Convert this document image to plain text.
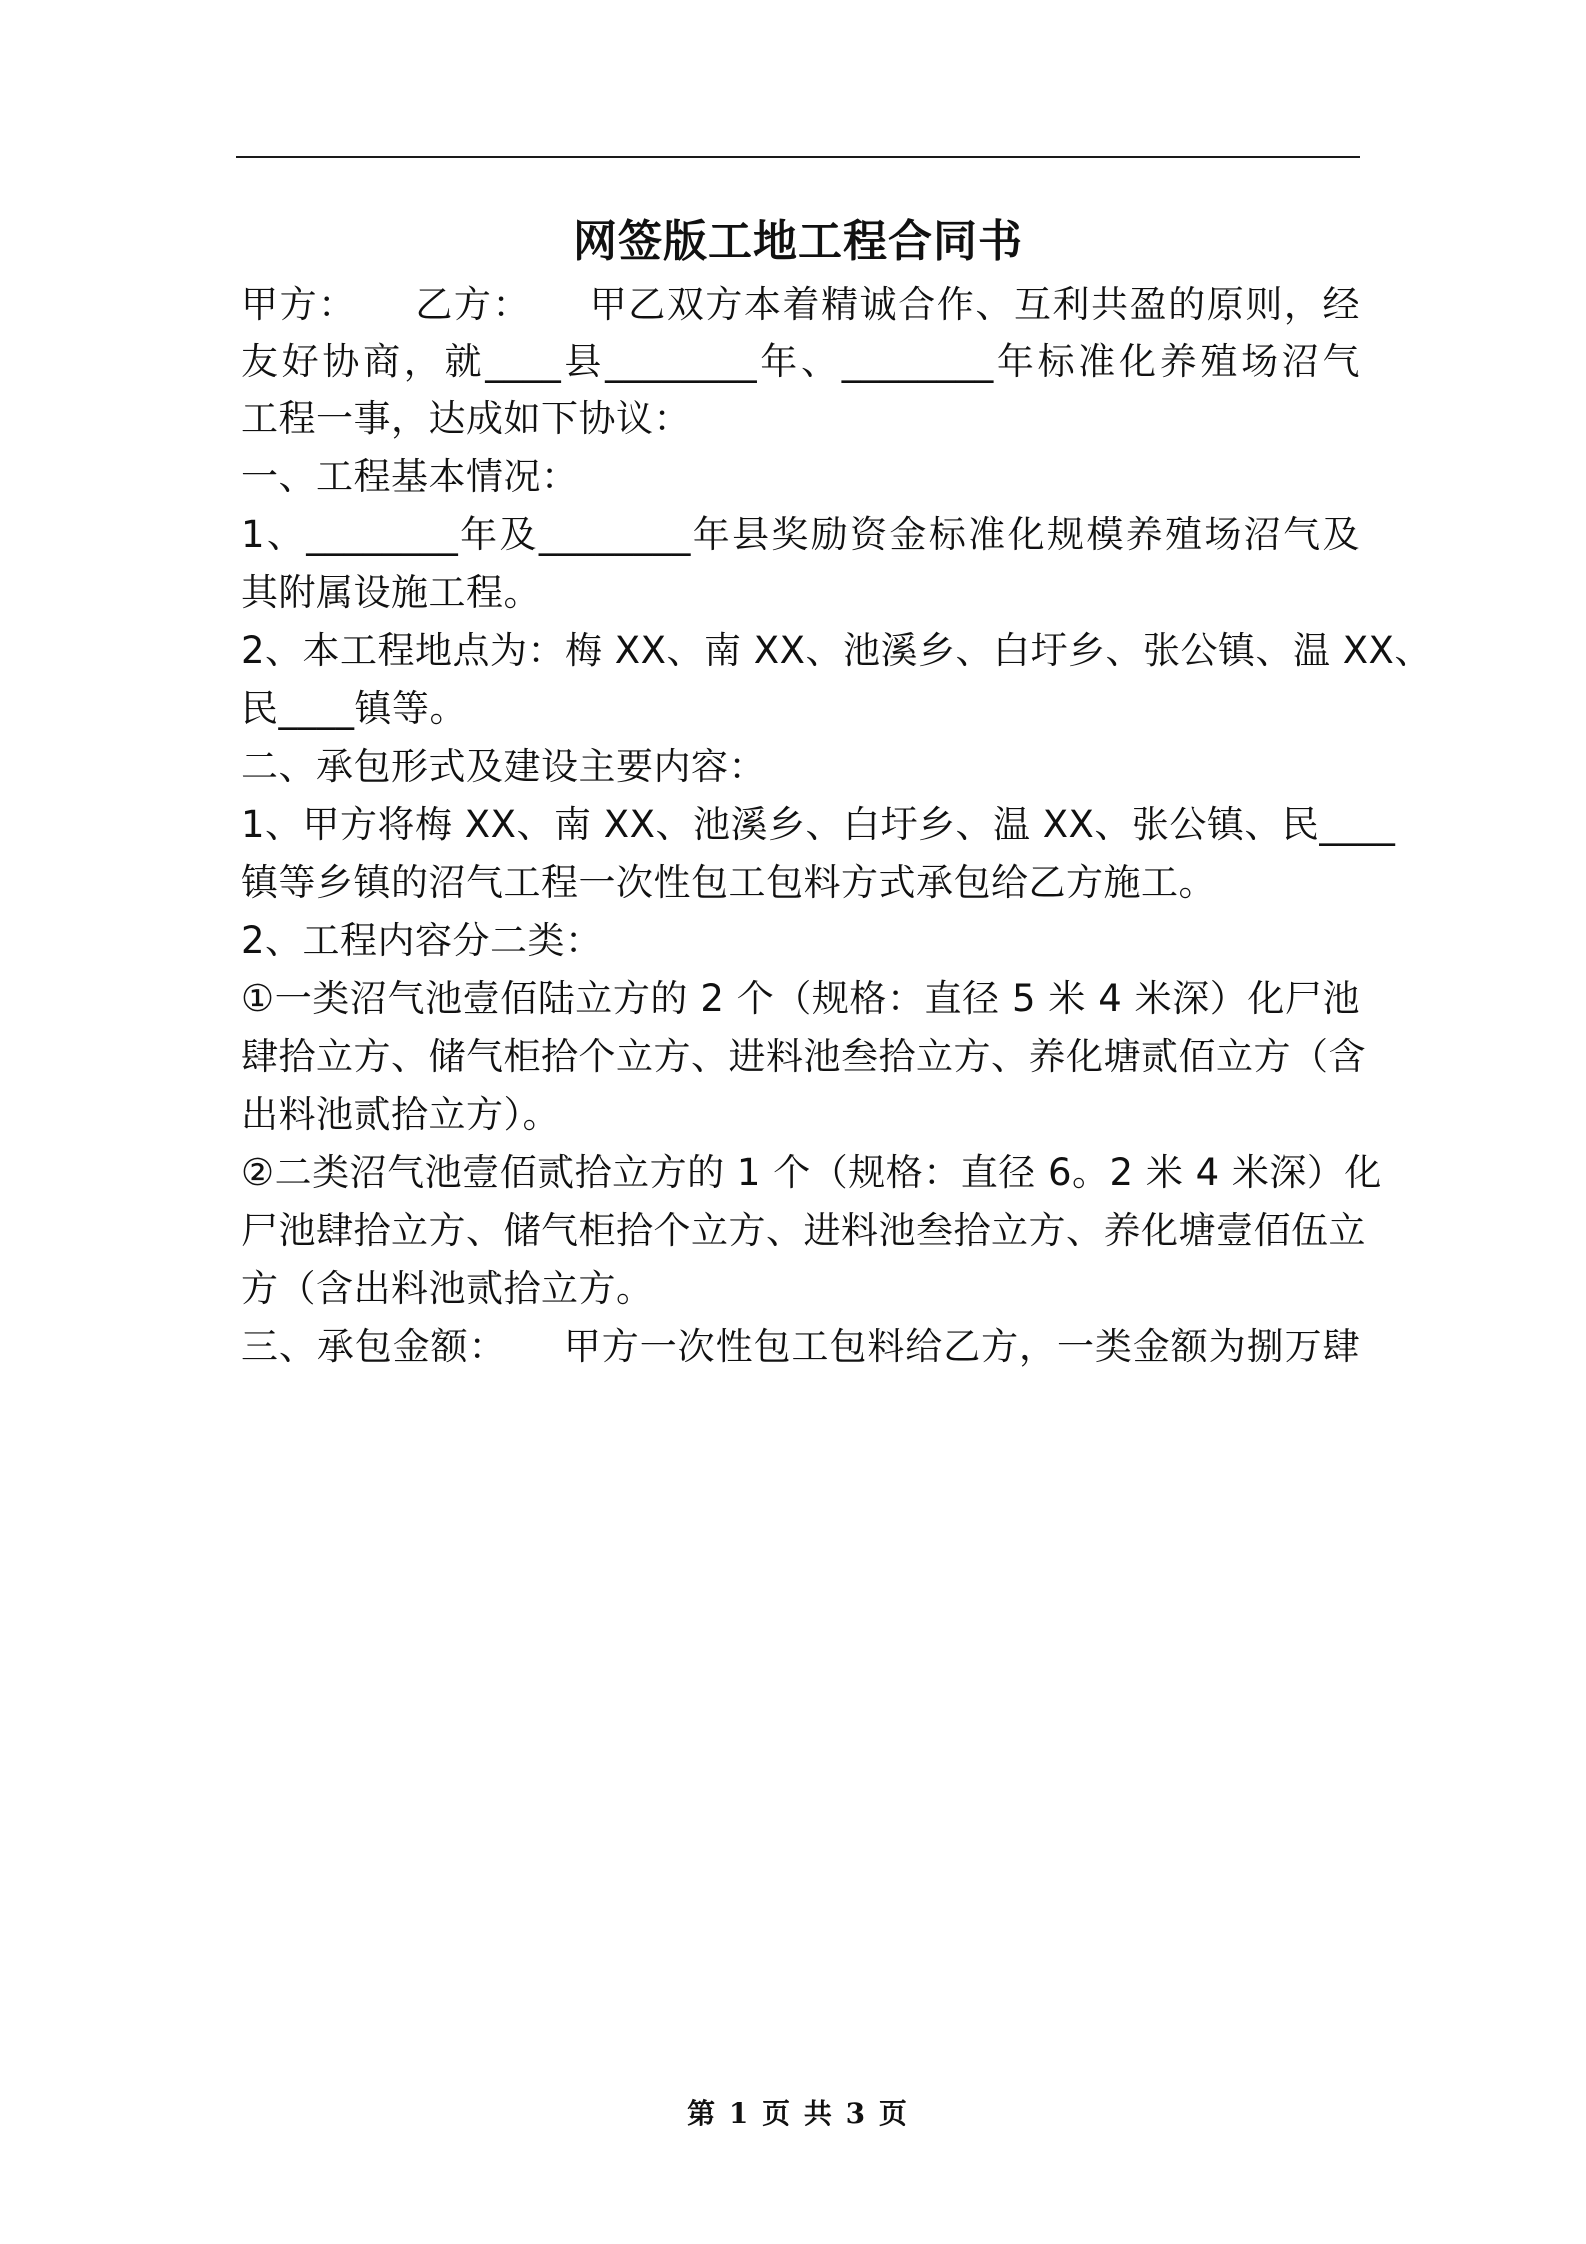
网签版工地工程合同书
甲方：　　乙方：　　甲乙双方本着精诚合作、互利共盈的原则，经
友好协商，就____县________年、________年标准化养殖场沼气
工程一事，达成如下协议：
一、工程基本情况：
1、________年及________年县奖励资金标准化规模养殖场沼气及
其附属设施工程。
2、本工程地点为：梅 XX、南 XX、池溪乡、白圩乡、张公镇、温 XX、
民____镇等。
二、承包形式及建设主要内容：
1、甲方将梅 XX、南 XX、池溪乡、白圩乡、温 XX、张公镇、民____
镇等乡镇的沼气工程一次性包工包料方式承包给乙方施工。
2、工程内容分二类：
①一类沼气池壹佰陆立方的 2 个（规格：直径 5 米 4 米深）化尸池
肆拾立方、储气柜拾个立方、进料池叁拾立方、养化塘贰佰立方（含
出料池贰拾立方）。
②二类沼气池壹佰贰拾立方的 1 个（规格：直径 6。2 米 4 米深）化
尸池肆拾立方、储气柜拾个立方、进料池叁拾立方、养化塘壹佰伍立
方（含出料池贰拾立方。
三、承包金额：　　甲方一次性包工包料给乙方，一类金额为捌万肆
第 1 页 共 3 页
